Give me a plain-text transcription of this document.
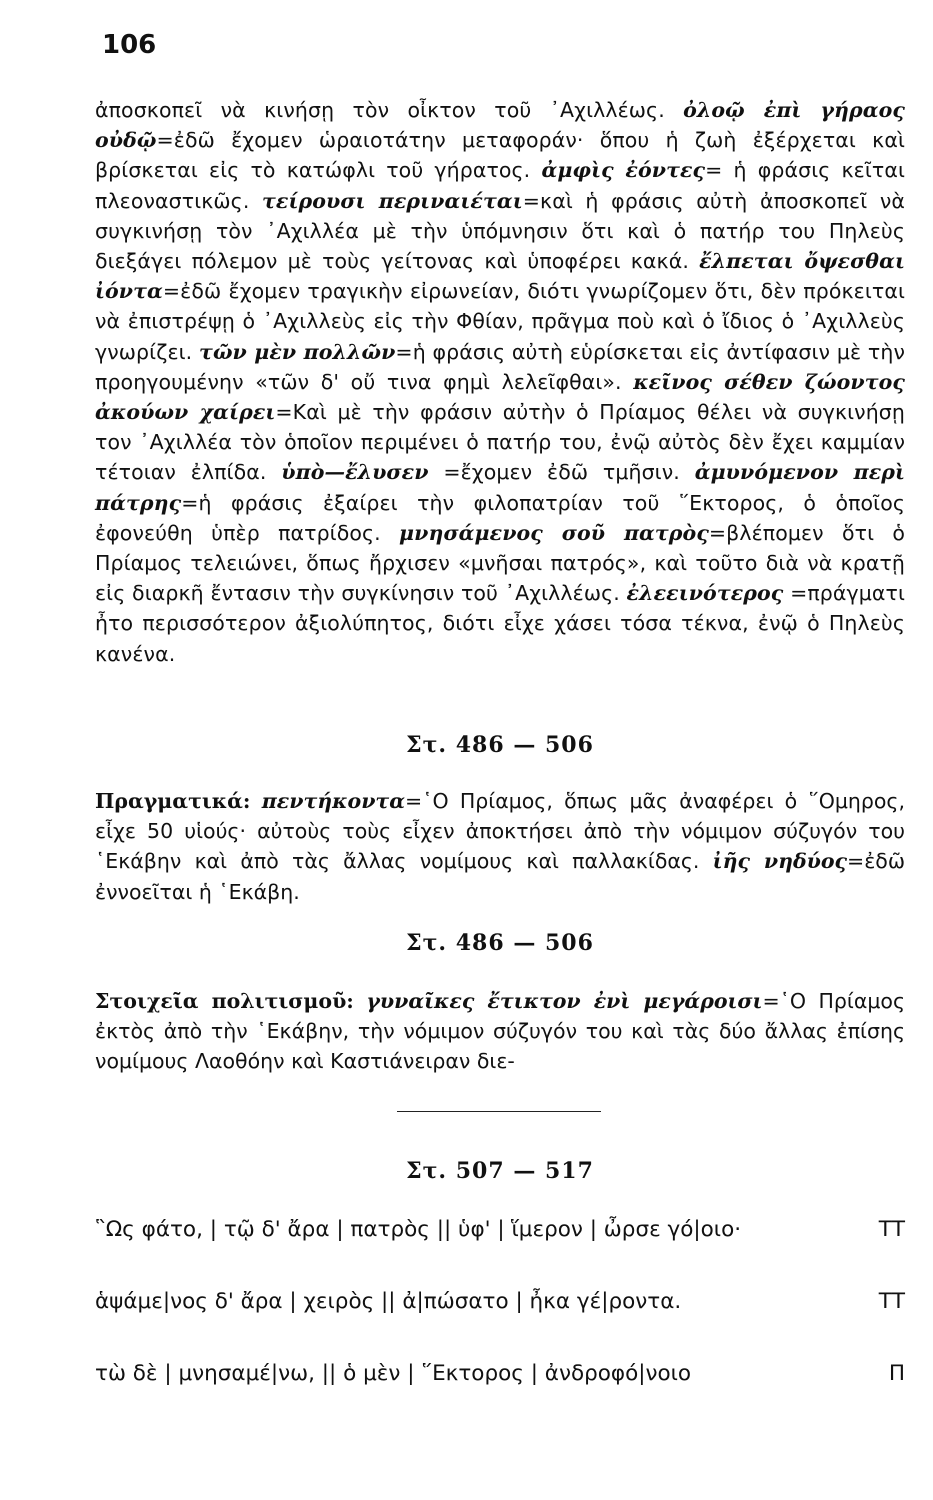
106

ἀποσκοπεῖ νὰ κινήσῃ τὸν οἶκτον τοῦ ᾿Αχιλλέως. ὀλοῷ ἐπὶ γήραος οὐδῷ=ἐδῶ ἔχομεν ὡραιοτάτην μεταφοράν· ὅπου ἡ ζωὴ ἐξέρχεται καὶ βρίσκεται εἰς τὸ κατώφλι τοῦ γήρατος. ἀμφὶς ἐόντες= ἡ φράσις κεῖται πλεοναστικῶς. τείρουσι περιναιέται=καὶ ἡ φράσις αὐτὴ ἀποσκοπεῖ νὰ συγκινήσῃ τὸν ᾿Αχιλλέα μὲ τὴν ὑπόμνησιν ὅτι καὶ ὁ πατήρ του Πηλεὺς διεξάγει πόλεμον μὲ τοὺς γείτονας καὶ ὑποφέρει κακά. ἔλπεται ὄψεσθαι ἰόντα=ἐδῶ ἔχομεν τραγικὴν εἰρωνείαν, διότι γνωρίζομεν ὅτι, δὲν πρόκειται νὰ ἐπιστρέψῃ ὁ ᾿Αχιλλεὺς εἰς τὴν Φθίαν, πρᾶγμα ποὺ καὶ ὁ ἴδιος ὁ ᾿Αχιλλεὺς γνωρίζει. τῶν μὲν πολλῶν=ἡ φράσις αὐτὴ εὑρίσκεται εἰς ἀντίφασιν μὲ τὴν προηγουμένην «τῶν δ' οὔ τινα φημὶ λελεῖφθαι». κεῖνος σέθεν ζώοντος ἀκούων χαίρει=Καὶ μὲ τὴν φράσιν αὐτὴν ὁ Πρίαμος θέλει νὰ συγκινήσῃ τον ᾿Αχιλλέα τὸν ὁποῖον περιμένει ὁ πατήρ του, ἐνῷ αὐτὸς δὲν ἔχει καμμίαν τέτοιαν ἐλπίδα. ὑπὸ—ἔλυσεν =ἔχομεν ἐδῶ τμῆσιν. ἀμυνόμενον περὶ πάτρης=ἡ φράσις ἐξαίρει τὴν φιλοπατρίαν τοῦ ῞Εκτορος, ὁ ὁποῖος ἐφονεύθη ὑπὲρ πατρίδος. μνησάμενος σοῦ πατρὸς=βλέπομεν ὅτι ὁ Πρίαμος τελειώνει, ὅπως ἤρχισεν «μνῆσαι πατρός», καὶ τοῦτο διὰ νὰ κρατῇ εἰς διαρκῆ ἔντασιν τὴν συγκίνησιν τοῦ ᾿Αχιλλέως. ἐλεεινότερος =πράγματι ἦτο περισσότερον ἀξιολύπητος, διότι εἶχε χάσει τόσα τέκνα, ἐνῷ ὁ Πηλεὺς κανένα.

Στ. 486 — 506

Πραγματικά: πεντήκοντα=῾Ο Πρίαμος, ὅπως μᾶς ἀναφέρει ὁ ῞Ομηρος, εἶχε 50 υἱούς· αὐτοὺς τοὺς εἶχεν ἀποκτήσει ἀπὸ τὴν νόμιμον σύζυγόν του ῾Εκάβην καὶ ἀπὸ τὰς ἄλλας νομίμους καὶ παλλακίδας. ἰῆς νηδύος=ἐδῶ ἐννοεῖται ἡ ῾Εκάβη.

Στ. 486 — 506

Στοιχεῖα πολιτισμοῦ: γυναῖκες ἔτικτον ἐνὶ μεγάροισι=῾Ο Πρίαμος ἐκτὸς ἀπὸ τὴν ῾Εκάβην, τὴν νόμιμον σύζυγόν του καὶ τὰς δύο ἄλλας ἐπίσης νομίμους Λαοθόην καὶ Καστιάνειραν διε-

Στ. 507 — 517
῝Ως φάτο, | τῷ δ' ἄρα | πατρὸς || ὑφ' | ἵμερον | ὦρσε γό|οιο·	ΤΤ
ἁψάμε|νος δ' ἄρα | χειρὸς || ἀ|πώσατο | ἦκα γέ|ροντα.	ΤΤ
τὼ δὲ | μνησαμέ|νω, || ὁ μὲν | ῞Εκτορος | ἀνδροφό|νοιο	Π
